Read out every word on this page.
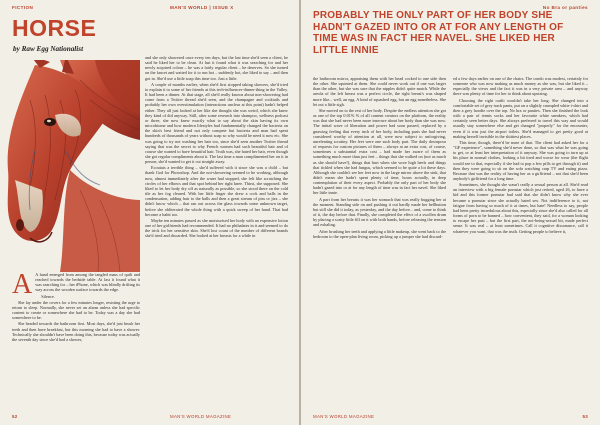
FICTION	MAN'S WORLD | ISSUE X
HORSE
by Raw Egg Nationalist

A A hand emerged from among the tangled mass of quilt and reached towards the bedside table. At last it found what it was searching for – her iPhone, which was blindly drifting its way across the wooden surface towards the edge.

Silence.

She lay under the covers for a few minutes longer, resisting the urge to return to sleep. Normally, she never set an alarm unless she had specific content to create or somewhere she had to be. Today was a day she had somewhere to be.

She headed towards the bathroom first. Most days, she'd just brush her teeth and then have breakfast, but this morning she had to have a shower. Technically she shouldn't have been doing this, because today was actually the seventh day since she'd had a shower,

and she only showered once every ten days, but the last time she'd seen a client, he said he liked her to be clean. At last it found what it was searching for and her newly acquired colour – he was a fairly regular client – he deserves. So she turned on the faucet and waited for it to run hot – suddenly hot, she liked to say – and then got in. She'd use a little soap this time too. Just a little.

A couple of months earlier, when she'd first stopped taking showers, she'd tried to explain it to some of her friends at this tech-influencer-dinner-thing in the Valley. It had been a dinner. At that stage, all she'd really known about non-showering had come from a Twitter thread she'd seen, and the champagne and cocktails and probably her own overstimulation (interactions unclear at this point) hadn't helped either. They all just looked at her like she thought she was weird, which she knew they kind of did anyway. Still, after some research into shampoo, wellness podcast or three, she now knew exactly what to say about the skin having its own microbiome and how modern lifestyles had fundamentally changed the bacteria on the skin's best friend and not only compete but bacteria and man had spent hundreds of thousands of years without soap so why would he need it now etc. She was going to try not washing her hair too, since she'd seen another Twitter thread saying that was the secret to why French women had such beautiful hair and of course she wanted to have beautiful hair. Truth was, she hated her hair, even though she got regular compliments about it. The last time a man complimented her on it in person, she'd wanted to get it cut straight away.

Ecoutais a terrible thing – she'd suffered with it since she was a child – but thank God for Photoshop. And the not-showering seemed to be working, although now, almost immediately after the water had stopped, she felt like scratching the circles of her elbows and that spot behind her right knee. Thirst, she supposed. She liked to let her body dry off as naturally as possible, so she stood there on the cold tile as her fog cleared. With her little finger she drew a cock and balls in the condensation, adding hair to the balls and then a great stream of piss or jizz – she didn't know which – that ran out across the glass towards some unknown target, before she obliterated the whole thing with a quick sweep of her hand. That had become a habit too.

Maybe ten minutes passed as she moisturised her body with an expensive lotion one of her girlfriends had recommended. It had no phthalates in it and seemed to do the trick for her sensitive skin. She'd lost count of the number of different brands she'd tried and discarded. She looked at her breasts for a while in

52	MAN'S WORLD MAGAZINE
No Bra or panties
PROBABLY THE ONLY PART OF HER BODY SHE HADN'T GAZED INTO OR AT FOR ANY LENGTH OF TIME WAS IN FACT HER NAVEL. SHE LIKED HER LITTLE INNIE

the bathroom mirror, appraising them with her head cocked to one side then the other. She squinted at them. She could never work out if one was larger than the other, but she was sure that the nipples didn't quite match. While the areola of the left breast was a perfect circle, the right breast's was shaped more like... well, an egg. A kind of squashed egg, but an egg nonetheless. She let out a little sigh.

She moved on to the rest of her body. Despite the endless attention she got as one of the top 0.01% % of all content creators on the platform, the reality was that she had never been more insecure about her body than she was now. The initial wave of liberation and power had soon passed, replaced by a gnawing feeling that every inch of her body, including parts she had never considered worthy of attention at all, were now subject to unforgiving, unrelenting scrutiny. Her feet were one such body part. The daily downpour of requests for custom pictures of them – always at an extra cost, of course, sometimes a substantial extra cost – had made her aware of them as something much more than just feet – things that she walked on (not as much as she should have!), things that hurt when she wore high heels and things that tickled when she had fungus, which seemed to be quite a lot these days. Although she couldn't see her feet now in the large mirror above the sink, that didn't mean she hadn't spent plenty of time, hours actually, in deep contemplation of their every aspect. Probably the only part of her body she hadn't gazed into or at for any length of time was in fact her navel. She liked her little innie.

A part from her breasts it was her stomach that was really bugging her at the moment. Standing side on and pushing it out hardly made her bellbutton but still she did it today, as yesterday, and the day before... and, come to think of it, the day before that. Finally, she completed the effect of a swollen drum by placing a scatty little fill on it with both hands, before releasing the tension and exhaling.

After brushing her teeth and applying a little makeup, she went back to the bedroom to the open-plan living room, picking up a jumper she had discard-

ed a few days earlier on one of the chairs. The condo was modest, certainly for someone who was now making as much money as she was, but she liked it – especially the views and the fact it was in a very private area – and anyway there was plenty of time for her to think about upsizing.

Choosing the right outfit wouldn't take her long. She changed into a comfortable set of grey track pants, put on a slightly crumpled white t-shirt and then a grey hoodie over the top. No bra or panties. Then she finished the look with a pair of tennis socks and her favourite white sneakers, which had certainly seen better days. She always preferred to travel this way and would usually stay somewhere else and get changed "properly" for the encounter, even if it was just the airport toilets. She'd managed to get pretty good at making herself invisible in the shittiest places.

This time, though, there'd be none of that. The client had asked her for a "GF experience", something she'd never done, so that was what he was going to get, or at least her interpretation of it anyway. She was going to turn up at his place in normal clothes, looking a bit tired and worse for wear (the flight would see to that, especially if she had to pop a few pills to get through it) and then they were going to sit on the sofa watching crap TV and eating pizza. Because that was the reality of having her as a girlfriend – not that she'd been anybody's girlfriend for a long time.

Sometimes, she thought she wasn't really a sexual person at all. She'd read an interview with a big female pornstar which just retired, aged 26, to have a kid and this former pornstar had said that she didn't know why she ever became a pornstar since she actually hated sex. Not indifference to it, not fatigue from having so much of it at times, but hate! Needless to say, people had been pretty incredulous about this, especially since she'd also called for all forms of porn to be banned – how convenient, they said, for a woman looking to escape her past – but the first part, the not-being-sexual bit, made perfect sense. It was real – at least sometimes. Call it cognitive dissonance, call it whatever you want, that was the truth. Getting people to believe it,

MAN'S WORLD MAGAZINE	53
